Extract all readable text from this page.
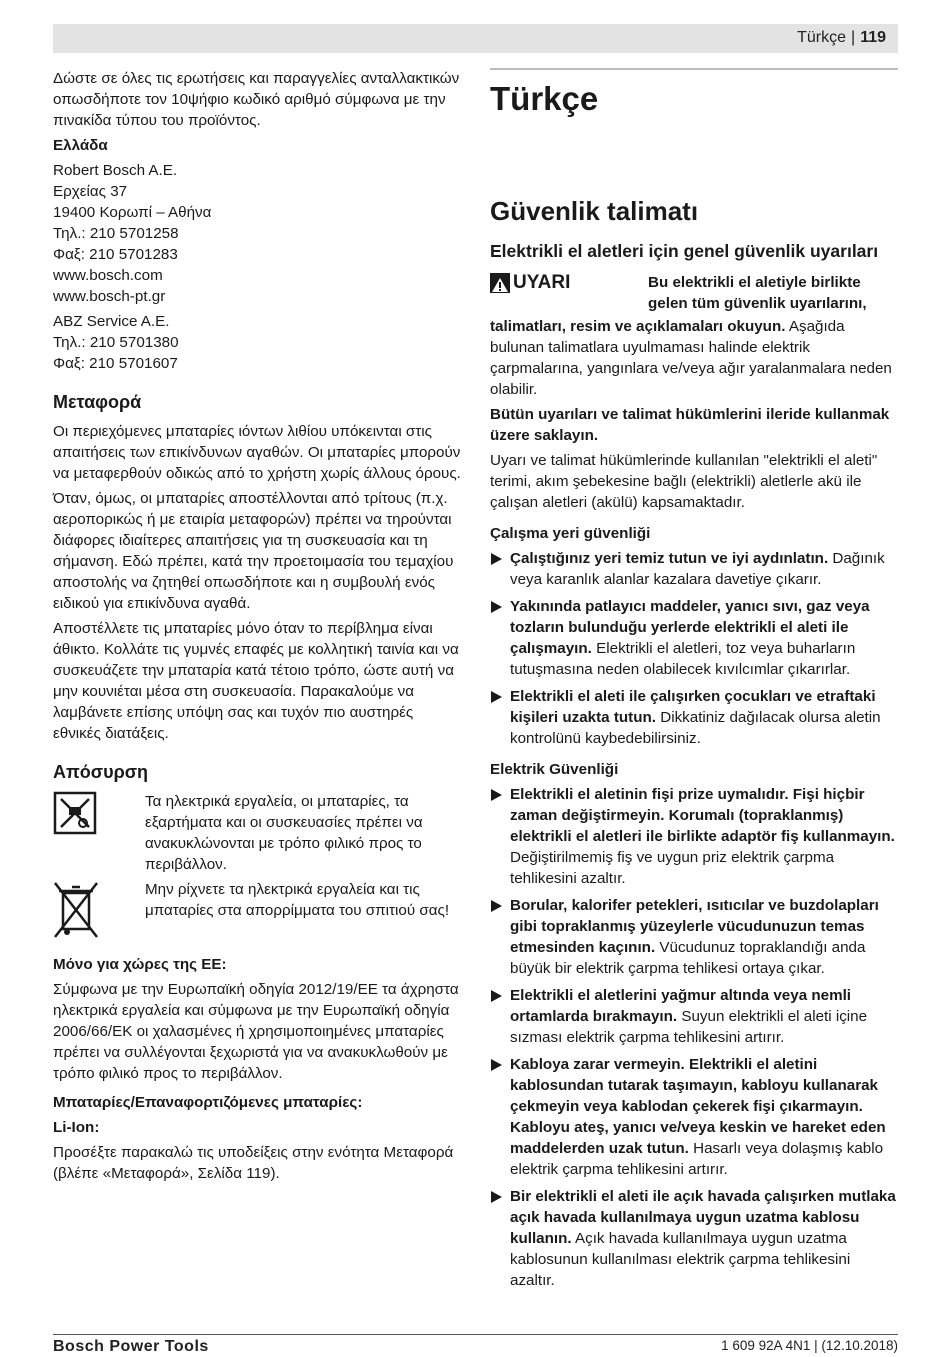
Türkçe | 119

Δώστε σε όλες τις ερωτήσεις και παραγγελίες ανταλλακτικών οπωσδήποτε τον 10ψήφιο κωδικό αριθμό σύμφωνα με την πινακίδα τύπου του προϊόντος.

Ελλάδα

Robert Bosch A.E.

Ερχείας 37

19400 Κορωπί – Αθήνα

Τηλ.: 210 5701258

Φαξ: 210 5701283

www.bosch.com

www.bosch-pt.gr

ABZ Service A.E.

Τηλ.: 210 5701380

Φαξ: 210 5701607

Μεταφορά

Οι περιεχόμενες μπαταρίες ιόντων λιθίου υπόκεινται στις απαιτήσεις των επικίνδυνων αγαθών. Οι μπαταρίες μπορούν να μεταφερθούν οδικώς από το χρήστη χωρίς άλλους όρους.

Όταν, όμως, οι μπαταρίες αποστέλλονται από τρίτους (π.χ. αεροπορικώς ή με εταιρία μεταφορών) πρέπει να τηρούνται διάφορες ιδιαίτερες απαιτήσεις για τη συσκευασία και τη σήμανση. Εδώ πρέπει, κατά την προετοιμασία του τεμαχίου αποστολής να ζητηθεί οπωσδήποτε και η συμβουλή ενός ειδικού για επικίνδυνα αγαθά.

Αποστέλλετε τις μπαταρίες μόνο όταν το περίβλημα είναι άθικτο. Κολλάτε τις γυμνές επαφές με κολλητική ταινία και να συσκευάζετε την μπαταρία κατά τέτοιο τρόπο, ώστε αυτή να μην κουνιέται μέσα στη συσκευασία. Παρακαλούμε να λαμβάνετε επίσης υπόψη σας και τυχόν πιο αυστηρές εθνικές διατάξεις.

Απόσυρση

Τα ηλεκτρικά εργαλεία, οι μπαταρίες, τα εξαρτήματα και οι συσκευασίες πρέπει να ανακυκλώνονται με τρόπο φιλικό προς το περιβάλλον.

Μην ρίχνετε τα ηλεκτρικά εργαλεία και τις μπαταρίες στα απορρίμματα του σπιτιού σας!

Μόνο για χώρες της ΕΕ:

Σύμφωνα με την Ευρωπαϊκή οδηγία 2012/19/ΕΕ τα άχρηστα ηλεκτρικά εργαλεία και σύμφωνα με την Ευρωπαϊκή οδηγία 2006/66/ΕΚ οι χαλασμένες ή χρησιμοποιημένες μπαταρίες πρέπει να συλλέγονται ξεχωριστά για να ανακυκλωθούν με τρόπο φιλικό προς το περιβάλλον.

Μπαταρίες/Επαναφορτιζόμενες μπαταρίες:

Li-Ion:

Προσέξτε παρακαλώ τις υποδείξεις στην ενότητα Μεταφορά (βλέπε «Μεταφορά», Σελίδα 119).

Türkçe
Güvenlik talimatı
Elektrikli el aletleri için genel güvenlik uyarıları
UYARI	Bu elektrikli el aletiyle birlikte gelen tüm güvenlik uyarılarını,

talimatları, resim ve açıklamaları okuyun. Aşağıda bulunan talimatlara uyulmaması halinde elektrik çarpmalarına, yangınlara ve/veya ağır yaralanmalara neden olabilir.

Bütün uyarıları ve talimat hükümlerini ileride kullanmak üzere saklayın.

Uyarı ve talimat hükümlerinde kullanılan "elektrikli el aleti" terimi, akım şebekesine bağlı (elektrikli) aletlerle akü ile çalışan aletleri (akülü) kapsamaktadır.

Çalışma yeri güvenliği

Çalıştığınız yeri temiz tutun ve iyi aydınlatın. Dağınık veya karanlık alanlar kazalara davetiye çıkarır.

Yakınında patlayıcı maddeler, yanıcı sıvı, gaz veya tozların bulunduğu yerlerde elektrikli el aleti ile çalışmayın. Elektrikli el aletleri, toz veya buharların tutuşmasına neden olabilecek kıvılcımlar çıkarırlar.

Elektrikli el aleti ile çalışırken çocukları ve etraftaki kişileri uzakta tutun. Dikkatiniz dağılacak olursa aletin kontrolünü kaybedebilirsiniz.

Elektrik Güvenliği

Elektrikli el aletinin fişi prize uymalıdır. Fişi hiçbir zaman değiştirmeyin. Korumalı (topraklanmış) elektrikli el aletleri ile birlikte adaptör fiş kullanmayın. Değiştirilmemiş fiş ve uygun priz elektrik çarpma tehlikesini azaltır.

Borular, kalorifer petekleri, ısıtıcılar ve buzdolapları gibi topraklanmış yüzeylerle vücudunuzun temas etmesinden kaçının. Vücudunuz topraklandığı anda büyük bir elektrik çarpma tehlikesi ortaya çıkar.

Elektrikli el aletlerini yağmur altında veya nemli ortamlarda bırakmayın. Suyun elektrikli el aleti içine sızması elektrik çarpma tehlikesini artırır.

Kabloya zarar vermeyin. Elektrikli el aletini kablosundan tutarak taşımayın, kabloyu kullanarak çekmeyin veya kablodan çekerek fişi çıkarmayın. Kabloyu ateş, yanıcı ve/veya keskin ve hareket eden maddelerden uzak tutun. Hasarlı veya dolaşmış kablo elektrik çarpma tehlikesini artırır.

Bir elektrikli el aleti ile açık havada çalışırken mutlaka açık havada kullanılmaya uygun uzatma kablosu kullanın. Açık havada kullanılmaya uygun uzatma kablosunun kullanılması elektrik çarpma tehlikesini azaltır.

Bosch Power Tools	1 609 92A 4N1 | (12.10.2018)
